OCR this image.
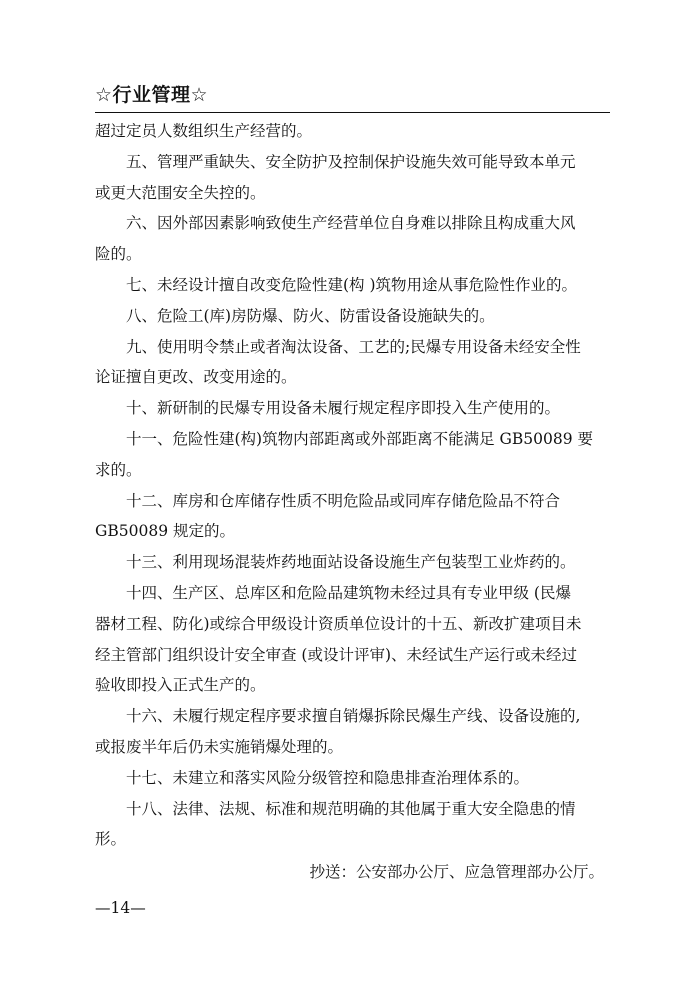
☆行业管理☆
超过定员人数组织生产经营的。
五、管理严重缺失、安全防护及控制保护设施失效可能导致本单元
或更大范围安全失控的。
六、因外部因素影响致使生产经营单位自身难以排除且构成重大风
险的。
七、未经设计擅自改变危险性建(构 )筑物用途从事危险性作业的。
八、危险工(库)房防爆、防火、防雷设备设施缺失的。
九、使用明令禁止或者淘汰设备、工艺的;民爆专用设备未经安全性
论证擅自更改、改变用途的。
十、新研制的民爆专用设备未履行规定程序即投入生产使用的。
十一、危险性建(构)筑物内部距离或外部距离不能满足 GB50089 要
求的。
十二、库房和仓库储存性质不明危险品或同库存储危险品不符合
GB50089 规定的。
十三、利用现场混装炸药地面站设备设施生产包装型工业炸药的。
十四、生产区、总库区和危险品建筑物未经过具有专业甲级 (民爆
器材工程、防化)或综合甲级设计资质单位设计的十五、新改扩建项目未
经主管部门组织设计安全审查 (或设计评审)、未经试生产运行或未经过
验收即投入正式生产的。
十六、未履行规定程序要求擅自销爆拆除民爆生产线、设备设施的,
或报废半年后仍未实施销爆处理的。
十七、未建立和落实风险分级管控和隐患排查治理体系的。
十八、法律、法规、标准和规范明确的其他属于重大安全隐患的情
形。
抄送：公安部办公厅、应急管理部办公厅。
—14—
